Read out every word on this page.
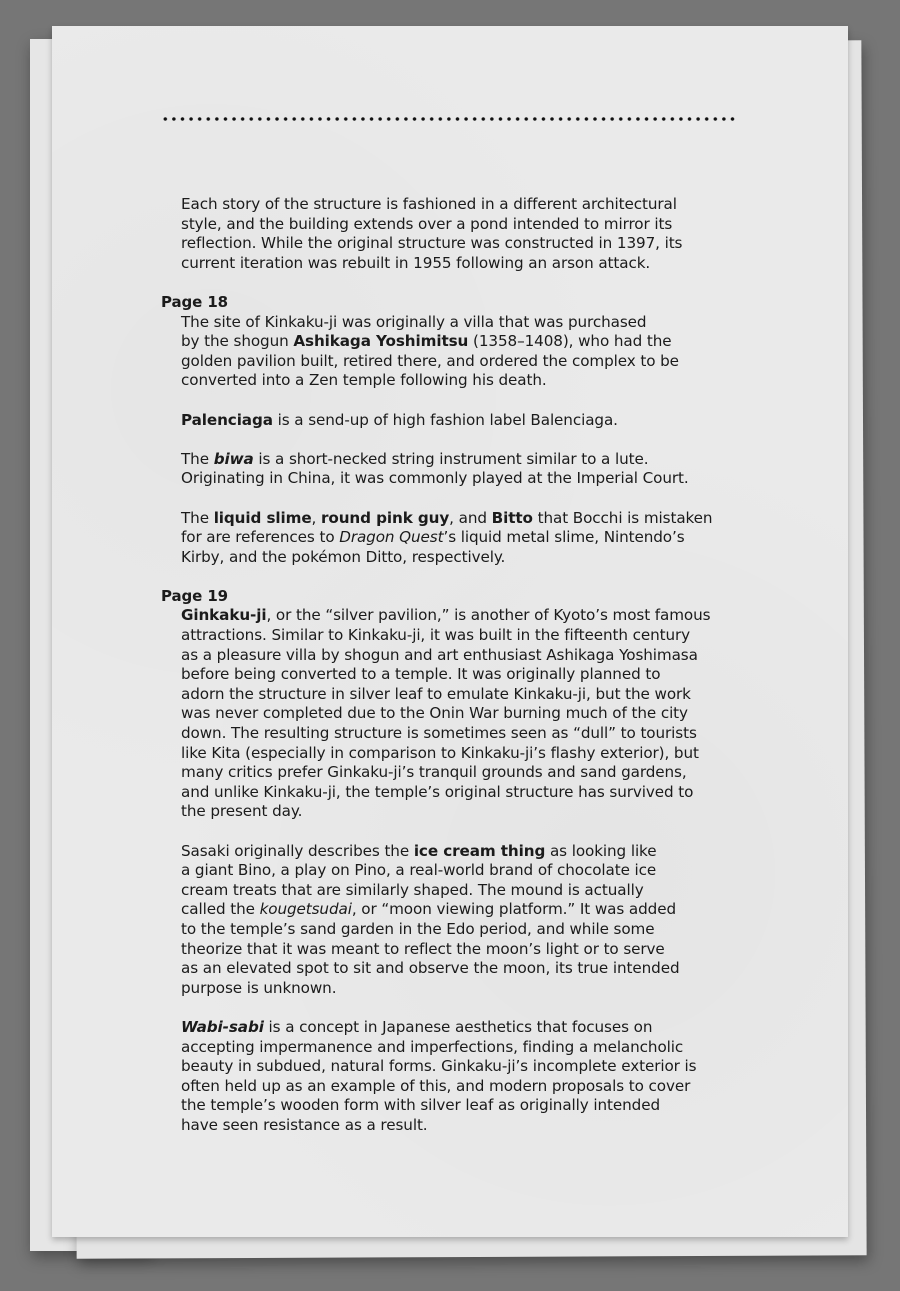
Each story of the structure is fashioned in a different architectural
style, and the building extends over a pond intended to mirror its
reflection. While the original structure was constructed in 1397, its
current iteration was rebuilt in 1955 following an arson attack.
Page 18
The site of Kinkaku-ji was originally a villa that was purchased
by the shogun Ashikaga Yoshimitsu (1358–1408), who had the
golden pavilion built, retired there, and ordered the complex to be
converted into a Zen temple following his death.
Palenciaga is a send-up of high fashion label Balenciaga.
The biwa is a short-necked string instrument similar to a lute.
Originating in China, it was commonly played at the Imperial Court.
The liquid slime, round pink guy, and Bitto that Bocchi is mistaken
for are references to Dragon Quest’s liquid metal slime, Nintendo’s
Kirby, and the pokémon Ditto, respectively.
Page 19
Ginkaku-ji, or the “silver pavilion,” is another of Kyoto’s most famous
attractions. Similar to Kinkaku-ji, it was built in the fifteenth century
as a pleasure villa by shogun and art enthusiast Ashikaga Yoshimasa
before being converted to a temple. It was originally planned to
adorn the structure in silver leaf to emulate Kinkaku-ji, but the work
was never completed due to the Onin War burning much of the city
down. The resulting structure is sometimes seen as “dull” to tourists
like Kita (especially in comparison to Kinkaku-ji’s flashy exterior), but
many critics prefer Ginkaku-ji’s tranquil grounds and sand gardens,
and unlike Kinkaku-ji, the temple’s original structure has survived to
the present day.
Sasaki originally describes the ice cream thing as looking like
a giant Bino, a play on Pino, a real-world brand of chocolate ice
cream treats that are similarly shaped. The mound is actually
called the kougetsudai, or “moon viewing platform.” It was added
to the temple’s sand garden in the Edo period, and while some
theorize that it was meant to reflect the moon’s light or to serve
as an elevated spot to sit and observe the moon, its true intended
purpose is unknown.
Wabi-sabi is a concept in Japanese aesthetics that focuses on
accepting impermanence and imperfections, finding a melancholic
beauty in subdued, natural forms. Ginkaku-ji’s incomplete exterior is
often held up as an example of this, and modern proposals to cover
the temple’s wooden form with silver leaf as originally intended
have seen resistance as a result.
